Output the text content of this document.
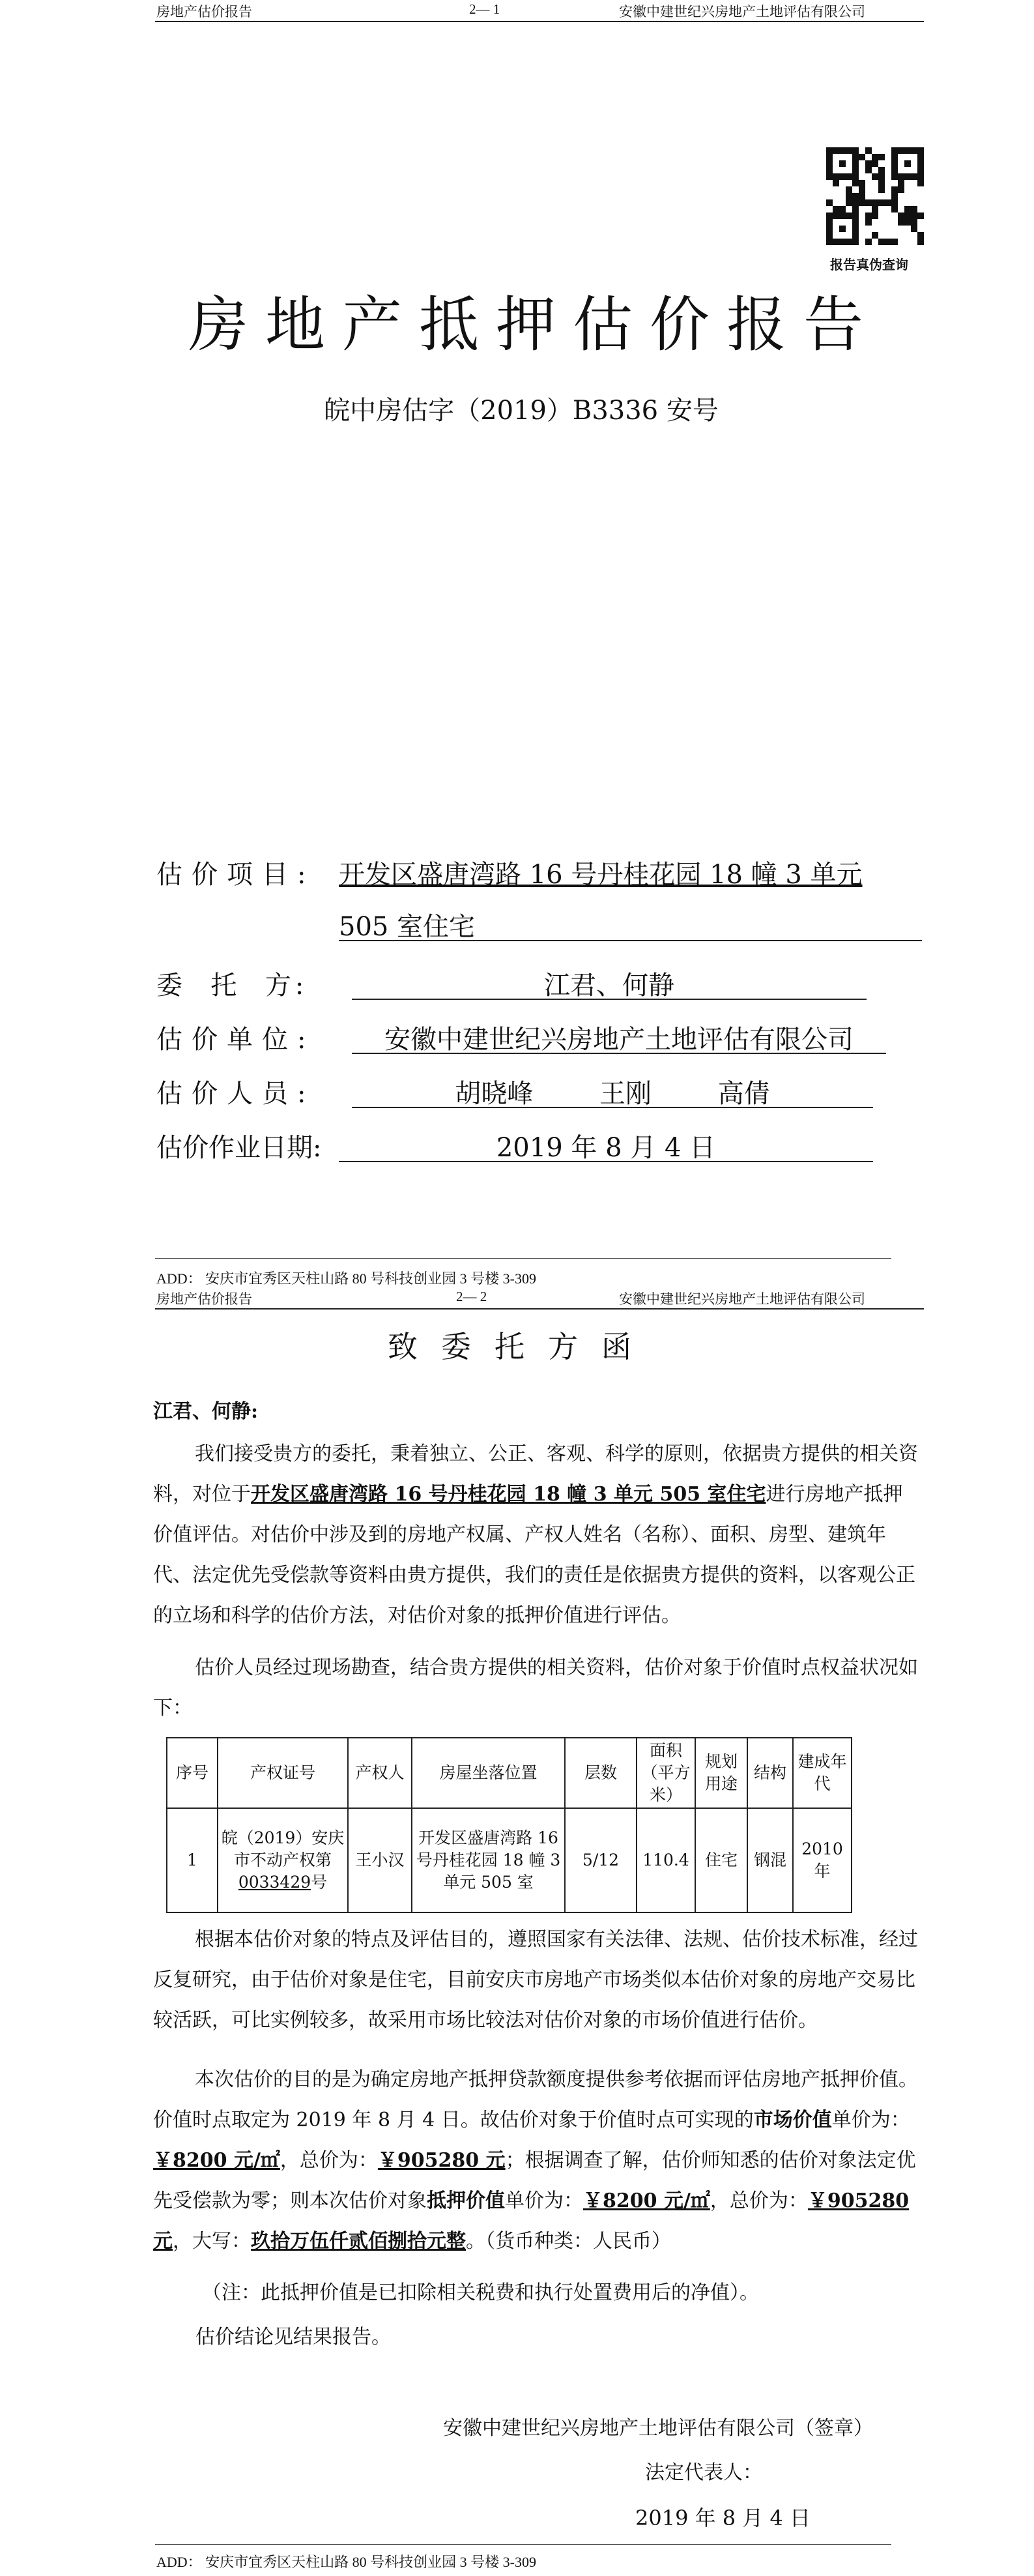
房地产估价报告	2— 1	安徽中建世纪兴房地产土地评估有限公司
报告真伪查询
房地产抵押估价报告
皖中房估字（2019）B3336 安号
估价项目: 开发区盛唐湾路 16 号丹桂花园 18 幢 3 单元
505 室住宅
委  托  方:	江君、何静
估价单位:	安徽中建世纪兴房地产土地评估有限公司
估价人员:	胡晓峰        王刚        高倩
估价作业日期:	2019 年 8 月 4 日
ADD： 安庆市宜秀区天柱山路 80 号科技创业园 3 号楼 3-309
房地产估价报告	2— 2	安徽中建世纪兴房地产土地评估有限公司
致委托方函
江君、何静:

我们接受贵方的委托，秉着独立、公正、客观、科学的原则，依据贵方提供的相关资料，对位于开发区盛唐湾路 16 号丹桂花园 18 幢 3 单元 505 室住宅进行房地产抵押价值评估。对估价中涉及到的房地产权属、产权人姓名（名称）、面积、房型、建筑年代、法定优先受偿款等资料由贵方提供，我们的责任是依据贵方提供的资料，以客观公正的立场和科学的估价方法，对估价对象的抵押价值进行评估。

估价人员经过现场勘查，结合贵方提供的相关资料，估价对象于价值时点权益状况如下：

序号	产权证号	产权人	房屋坐落位置	层数	面积（平方米）	规划用途	结构	建成年代
1	皖（2019）安庆市不动产权第0033429号	王小汉	开发区盛唐湾路 16 号丹桂花园 18 幢 3 单元 505 室	5/12	110.4	住宅	钢混	2010 年

根据本估价对象的特点及评估目的，遵照国家有关法律、法规、估价技术标准，经过反复研究，由于估价对象是住宅，目前安庆市房地产市场类似本估价对象的房地产交易比较活跃，可比实例较多，故采用市场比较法对估价对象的市场价值进行估价。

本次估价的目的是为确定房地产抵押贷款额度提供参考依据而评估房地产抵押价值。价值时点取定为 2019 年 8 月 4 日。故估价对象于价值时点可实现的市场价值单价为：￥8200 元/㎡，总价为：￥905280 元；根据调查了解，估价师知悉的估价对象法定优先受偿款为零；则本次估价对象抵押价值单价为：￥8200 元/㎡，总价为：￥905280 元，大写：玖拾万伍仟贰佰捌拾元整。（货币种类：人民币）

（注：此抵押价值是已扣除相关税费和执行处置费用后的净值）。
估价结论见结果报告。
安徽中建世纪兴房地产土地评估有限公司（签章）
法定代表人：
2019 年 8 月 4 日
ADD： 安庆市宜秀区天柱山路 80 号科技创业园 3 号楼 3-309
